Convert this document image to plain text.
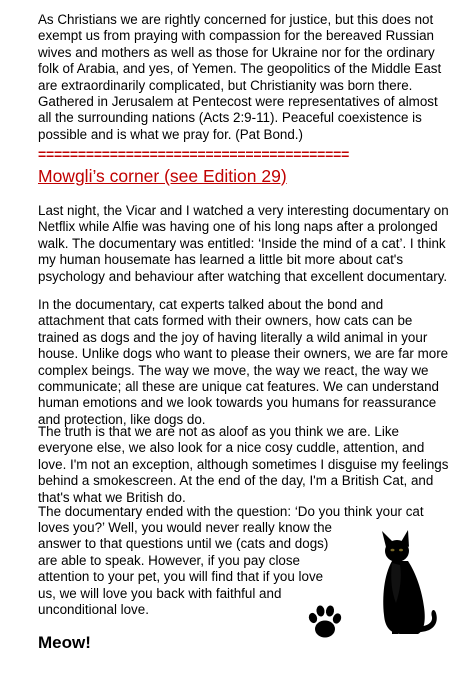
As Christians we are rightly concerned for justice, but this does not exempt us from praying with compassion for the bereaved Russian wives and mothers as well as those for Ukraine nor for the ordinary folk of Arabia, and yes, of Yemen. The geopolitics of the Middle East are extraordinarily complicated, but Christianity was born there. Gathered in Jerusalem at Pentecost were representatives of almost all the surrounding nations (Acts 2:9-11). Peaceful coexistence is possible and is what we pray for. (Pat Bond.)

=======================================
Mowgli’s corner (see Edition 29)

Last night, the Vicar and I watched a very interesting documentary on Netflix while Alfie was having one of his long naps after a prolonged walk. The documentary was entitled: ‘Inside the mind of a cat’. I think my human housemate has learned a little bit more about cat's psychology and behaviour after watching that excellent documentary.

In the documentary, cat experts talked about the bond and attachment that cats formed with their owners, how cats can be trained as dogs and the joy of having literally a wild animal in your house. Unlike dogs who want to please their owners, we are far more complex beings. The way we move, the way we react, the way we communicate; all these are unique cat features. We can understand human emotions and we look towards you humans for reassurance and protection, like dogs do.

The truth is that we are not as aloof as you think we are. Like everyone else, we also look for a nice cosy cuddle, attention, and love. I'm not an exception, although sometimes I disguise my feelings behind a smokescreen. At the end of the day, I'm a British Cat, and that's what we British do.

The documentary ended with the question: ‘Do you think your cat

loves you?’ Well, you would never really know the answer to that questions until we (cats and dogs) are able to speak. However, if you pay close attention to your pet, you will find that if you love us, we will love you back with faithful and unconditional love.

Meow!
